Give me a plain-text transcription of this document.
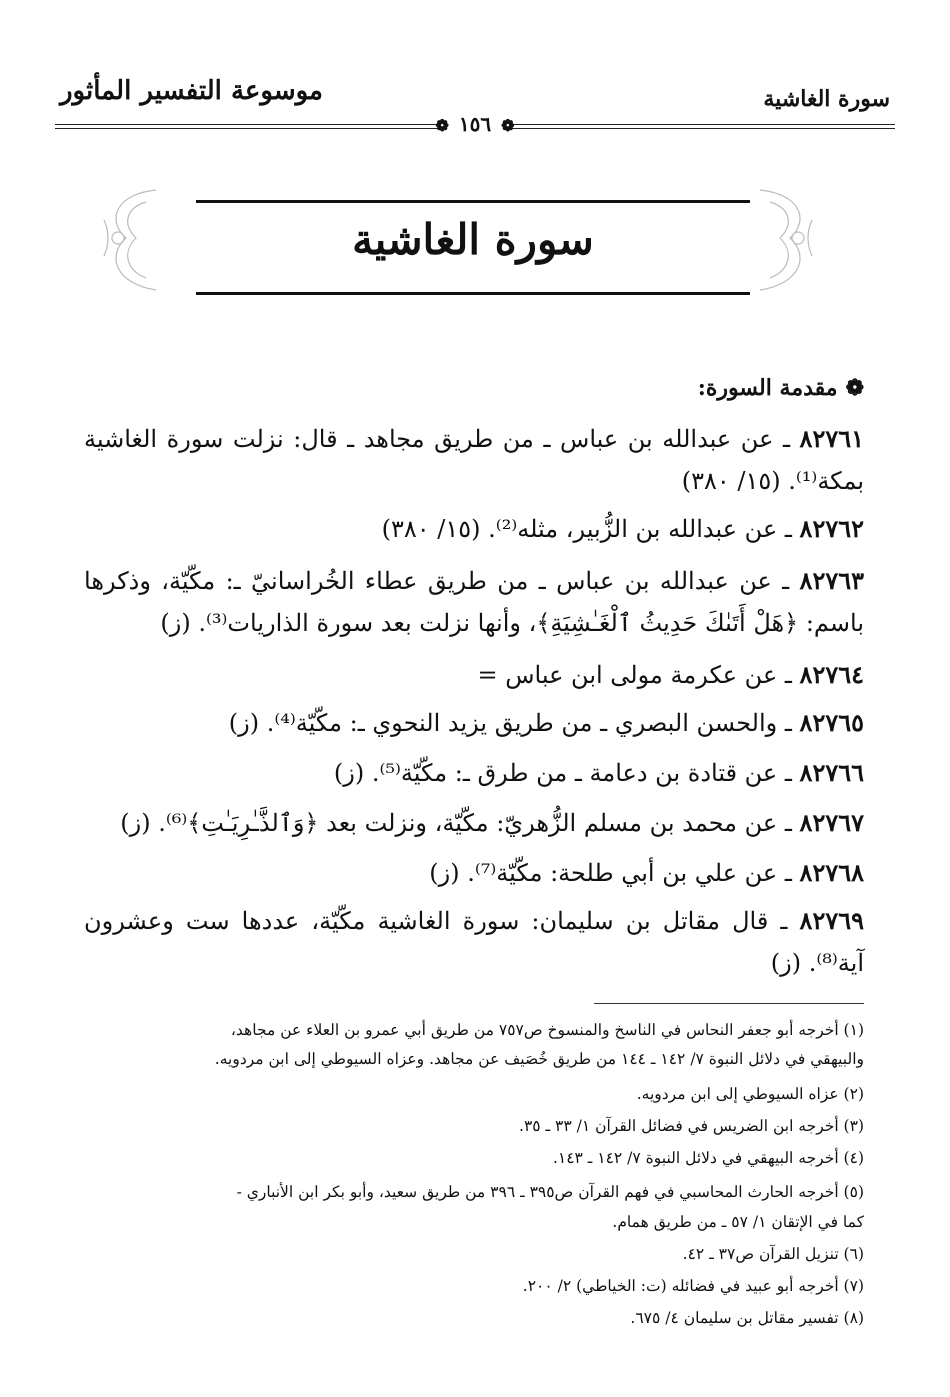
موسوعة التفسير المأثور	سورة الغاشية
❁ ١٥٦ ❁
سورة الغاشية
❁مقدمة السورة:
٨٢٧٦١ ـ عن عبدالله بن عباس ـ من طريق مجاهد ـ قال: نزلت سورة الغاشية بمكة⁽¹⁾. (١٥/ ٣٨٠)
٨٢٧٦٢ ـ عن عبدالله بن الزُّبير، مثله⁽²⁾. (١٥/ ٣٨٠)
٨٢٧٦٣ ـ عن عبدالله بن عباس ـ من طريق عطاء الخُراسانيّ ـ: مكّيّة، وذكرها باسم: ﴿هَلْ أَتَىٰكَ حَدِيثُ ٱلْغَـٰشِيَةِ﴾، وأنها نزلت بعد سورة الذاريات⁽³⁾. (ز)
٨٢٧٦٤ ـ عن عكرمة مولى ابن عباس =
٨٢٧٦٥ ـ والحسن البصري ـ من طريق يزيد النحوي ـ: مكّيّة⁽⁴⁾. (ز)
٨٢٧٦٦ ـ عن قتادة بن دعامة ـ من طرق ـ: مكّيّة⁽⁵⁾. (ز)
٨٢٧٦٧ ـ عن محمد بن مسلم الزُّهريّ: مكّيّة، ونزلت بعد ﴿وَٱلذَّـٰرِيَـٰتِ﴾⁽⁶⁾. (ز)
٨٢٧٦٨ ـ عن علي بن أبي طلحة: مكّيّة⁽⁷⁾. (ز)
٨٢٧٦٩ ـ قال مقاتل بن سليمان: سورة الغاشية مكّيّة، عددها ست وعشرون آية⁽⁸⁾. (ز)
(١) أخرجه أبو جعفر النحاس في الناسخ والمنسوخ ص٧٥٧ من طريق أبي عمرو بن العلاء عن مجاهد،
والبيهقي في دلائل النبوة ٧/ ١٤٢ ـ ١٤٤ من طريق خُصَيف عن مجاهد. وعزاه السيوطي إلى ابن مردويه.
(٢) عزاه السيوطي إلى ابن مردويه.
(٣) أخرجه ابن الضريس في فضائل القرآن ١/ ٣٣ ـ ٣٥.
(٤) أخرجه البيهقي في دلائل النبوة ٧/ ١٤٢ ـ ١٤٣.
(٥) أخرجه الحارث المحاسبي في فهم القرآن ص٣٩٥ ـ ٣٩٦ من طريق سعيد، وأبو بكر ابن الأنباري -
كما في الإتقان ١/ ٥٧ ـ من طريق همام.
(٦) تنزيل القرآن ص٣٧ ـ ٤٢.
(٧) أخرجه أبو عبيد في فضائله (ت: الخياطي) ٢/ ٢٠٠.
(٨) تفسير مقاتل بن سليمان ٤/ ٦٧٥.
